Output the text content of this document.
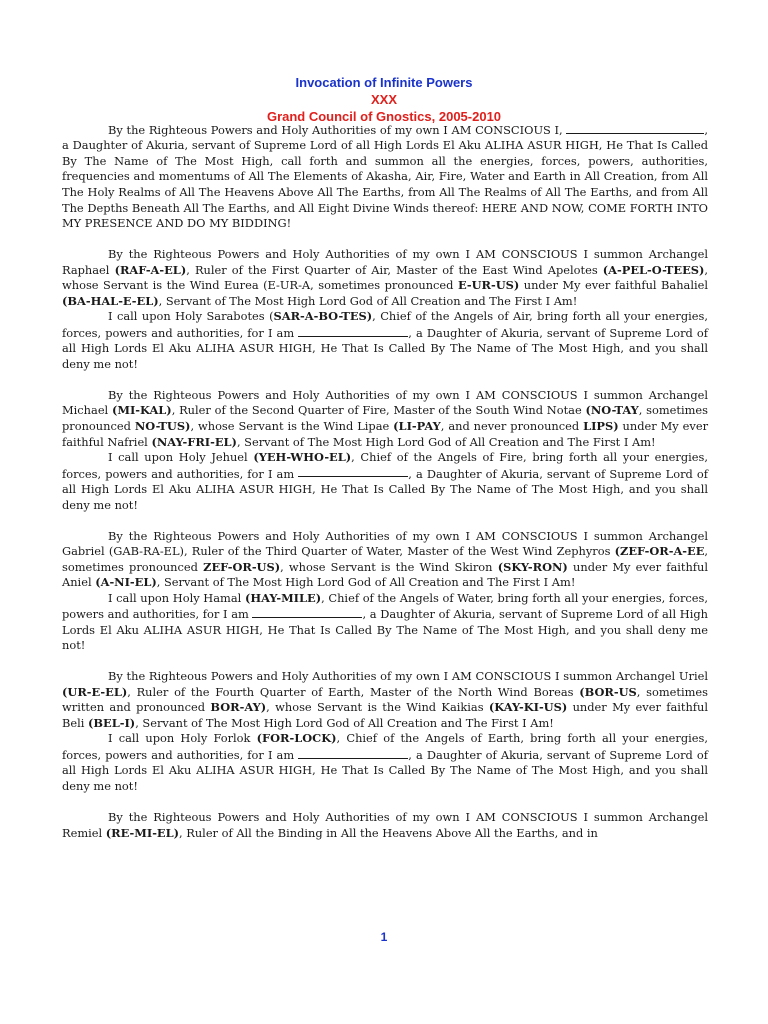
Invocation of Infinite Powers
XXX
Grand Council of Gnostics, 2005-2010

By the Righteous Powers and Holy Authorities of my own I AM CONSCIOUS I,	, a Daughter of Akuria, servant of Supreme Lord of all High Lords El Aku ALIHA ASUR HIGH, He That Is Called By The Name of The Most High, call forth and summon all the energies, forces, powers, authorities, frequencies and momentums of All The Elements of Akasha, Air, Fire, Water and Earth in All Creation, from All The Holy Realms of All The Heavens Above All The Earths, from All The Realms of All The Earths, and from All The Depths Beneath All The Earths, and All Eight Divine Winds thereof: HERE AND NOW, COME FORTH INTO MY PRESENCE AND DO MY BIDDING!

By the Righteous Powers and Holy Authorities of my own I AM CONSCIOUS I summon Archangel Raphael (RAF-A-EL), Ruler of the First Quarter of Air, Master of the East Wind Apelotes (A-PEL-O-TEES), whose Servant is the Wind Eurea (E-UR-A, sometimes pronounced E-UR-US) under My ever faithful Bahaliel (BA-HAL-E-EL), Servant of The Most High Lord God of All Creation and The First I Am!

I call upon Holy Sarabotes (SAR-A-BO-TES), Chief of the Angels of Air, bring forth all your energies, forces, powers and authorities, for I am	, a Daughter of Akuria, servant of Supreme Lord of all High Lords El Aku ALIHA ASUR HIGH, He That Is Called By The Name of The Most High, and you shall deny me not!

By the Righteous Powers and Holy Authorities of my own I AM CONSCIOUS I summon Archangel Michael (MI-KAL), Ruler of the Second Quarter of Fire, Master of the South Wind Notae (NO-TAY, sometimes pronounced NO-TUS), whose Servant is the Wind Lipae (LI-PAY, and never pronounced LIPS) under My ever faithful Nafriel (NAY-FRI-EL), Servant of The Most High Lord God of All Creation and The First I Am!

I call upon Holy Jehuel (YEH-WHO-EL), Chief of the Angels of Fire, bring forth all your energies, forces, powers and authorities, for I am	, a Daughter of Akuria, servant of Supreme Lord of all High Lords El Aku ALIHA ASUR HIGH, He That Is Called By The Name of The Most High, and you shall deny me not!

By the Righteous Powers and Holy Authorities of my own I AM CONSCIOUS I summon Archangel Gabriel (GAB-RA-EL), Ruler of the Third Quarter of Water, Master of the West Wind Zephyros (ZEF-OR-A-EE, sometimes pronounced ZEF-OR-US), whose Servant is the Wind Skiron (SKY-RON) under My ever faithful Aniel (A-NI-EL), Servant of The Most High Lord God of All Creation and The First I Am!

I call upon Holy Hamal (HAY-MILE), Chief of the Angels of Water, bring forth all your energies, forces, powers and authorities, for I am	, a Daughter of Akuria, servant of Supreme Lord of all High Lords El Aku ALIHA ASUR HIGH, He That Is Called By The Name of The Most High, and you shall deny me not!

By the Righteous Powers and Holy Authorities of my own I AM CONSCIOUS I summon Archangel Uriel (UR-E-EL), Ruler of the Fourth Quarter of Earth, Master of the North Wind Boreas (BOR-US, sometimes written and pronounced BOR-AY), whose Servant is the Wind Kaikias (KAY-KI-US) under My ever faithful Beli (BEL-I), Servant of The Most High Lord God of All Creation and The First I Am!

I call upon Holy Forlok (FOR-LOCK), Chief of the Angels of Earth, bring forth all your energies, forces, powers and authorities, for I am	, a Daughter of Akuria, servant of Supreme Lord of all High Lords El Aku ALIHA ASUR HIGH, He That Is Called By The Name of The Most High, and you shall deny me not!

By the Righteous Powers and Holy Authorities of my own I AM CONSCIOUS I summon Archangel Remiel (RE-MI-EL), Ruler of All the Binding in All the Heavens Above All the Earths, and in

1
